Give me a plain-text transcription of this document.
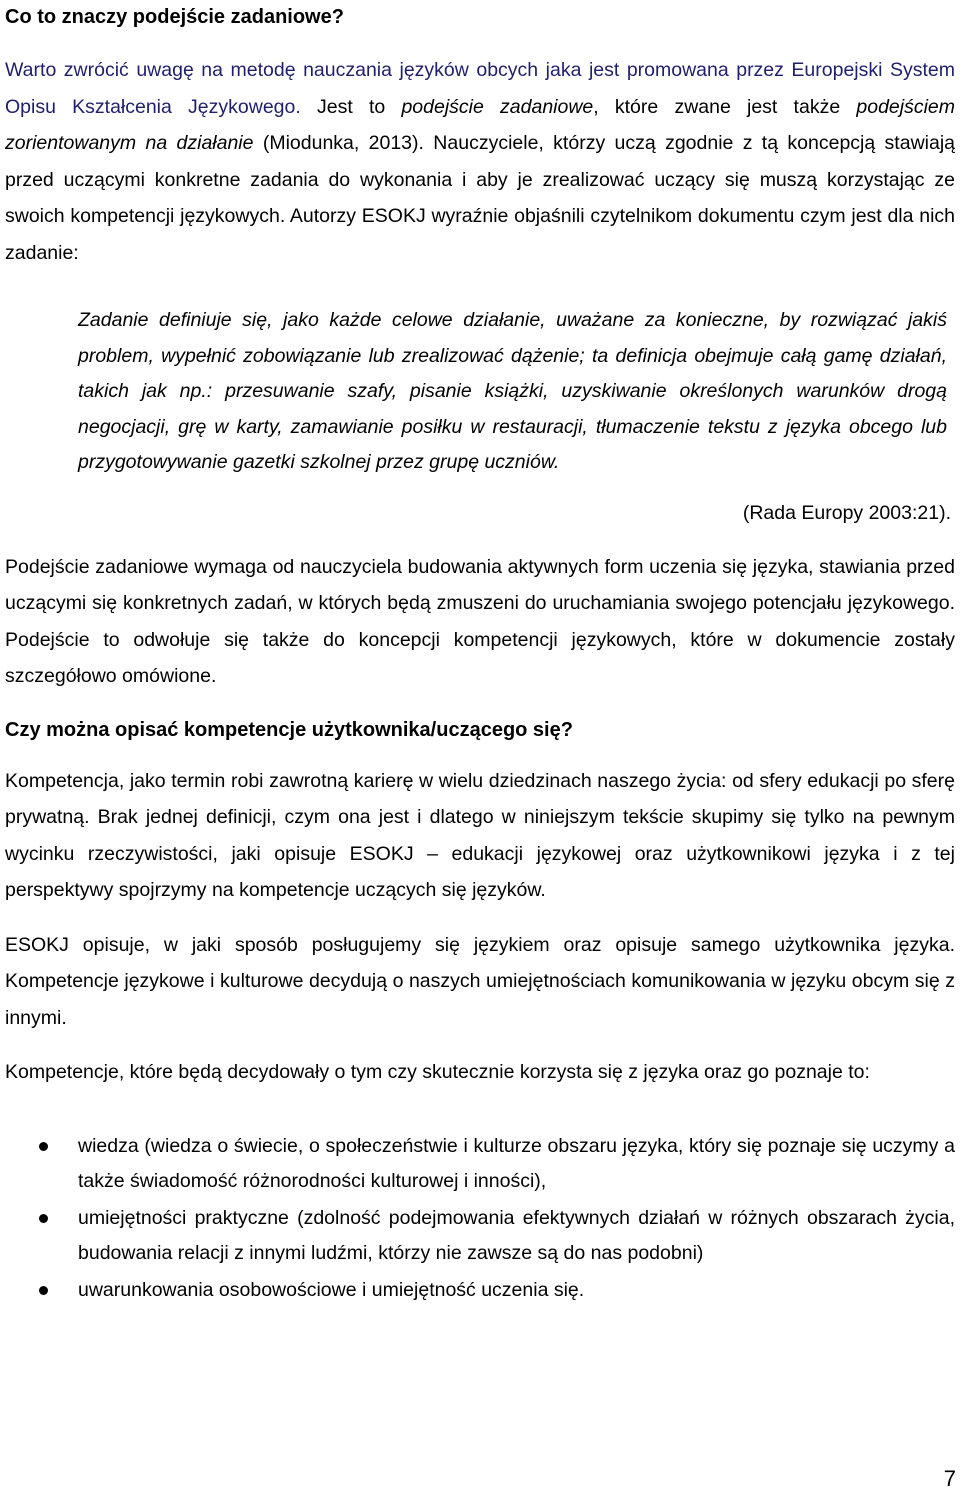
Co to znaczy podejście zadaniowe?

Warto zwrócić uwagę na metodę nauczania języków obcych jaka jest promowana przez Europejski System Opisu Kształcenia Językowego. Jest to podejście zadaniowe, które zwane jest także podejściem zorientowanym na działanie (Miodunka, 2013). Nauczyciele, którzy uczą zgodnie z tą koncepcją stawiają przed uczącymi konkretne zadania do wykonania i aby je zrealizować uczący się muszą korzystając ze swoich kompetencji językowych. Autorzy ESOKJ wyraźnie objaśnili czytelnikom dokumentu czym jest dla nich zadanie:

Zadanie definiuje się, jako każde celowe działanie, uważane za konieczne, by rozwiązać jakiś problem, wypełnić zobowiązanie lub zrealizować dążenie; ta definicja obejmuje całą gamę działań, takich jak np.: przesuwanie szafy, pisanie książki, uzyskiwanie określonych warunków drogą negocjacji, grę w karty, zamawianie posiłku w restauracji, tłumaczenie tekstu z języka obcego lub przygotowywanie gazetki szkolnej przez grupę uczniów.

(Rada Europy 2003:21).

Podejście zadaniowe wymaga od nauczyciela budowania aktywnych form uczenia się języka, stawiania przed uczącymi się konkretnych zadań, w których będą zmuszeni do uruchamiania swojego potencjału językowego. Podejście to odwołuje się także do koncepcji kompetencji językowych, które w dokumencie zostały szczegółowo omówione.

Czy można opisać kompetencje użytkownika/uczącego się?

Kompetencja, jako termin robi zawrotną karierę w wielu dziedzinach naszego życia: od sfery edukacji po sferę prywatną. Brak jednej definicji, czym ona jest i dlatego w niniejszym tekście skupimy się tylko na pewnym wycinku rzeczywistości, jaki opisuje ESOKJ – edukacji językowej oraz użytkownikowi języka i z tej perspektywy spojrzymy na kompetencje uczących się języków.

ESOKJ opisuje, w jaki sposób posługujemy się językiem oraz opisuje samego użytkownika języka. Kompetencje językowe i kulturowe decydują o naszych umiejętnościach komunikowania w języku obcym się z innymi.

Kompetencje, które będą decydowały o tym czy skutecznie korzysta się z języka oraz go poznaje to:

wiedza (wiedza o świecie, o społeczeństwie i kulturze obszaru języka, który się poznaje się uczymy a także świadomość różnorodności kulturowej i inności),
umiejętności praktyczne (zdolność podejmowania efektywnych działań w różnych obszarach życia, budowania relacji z innymi ludźmi, którzy nie zawsze są do nas podobni)
uwarunkowania osobowościowe i umiejętność uczenia się.
7
